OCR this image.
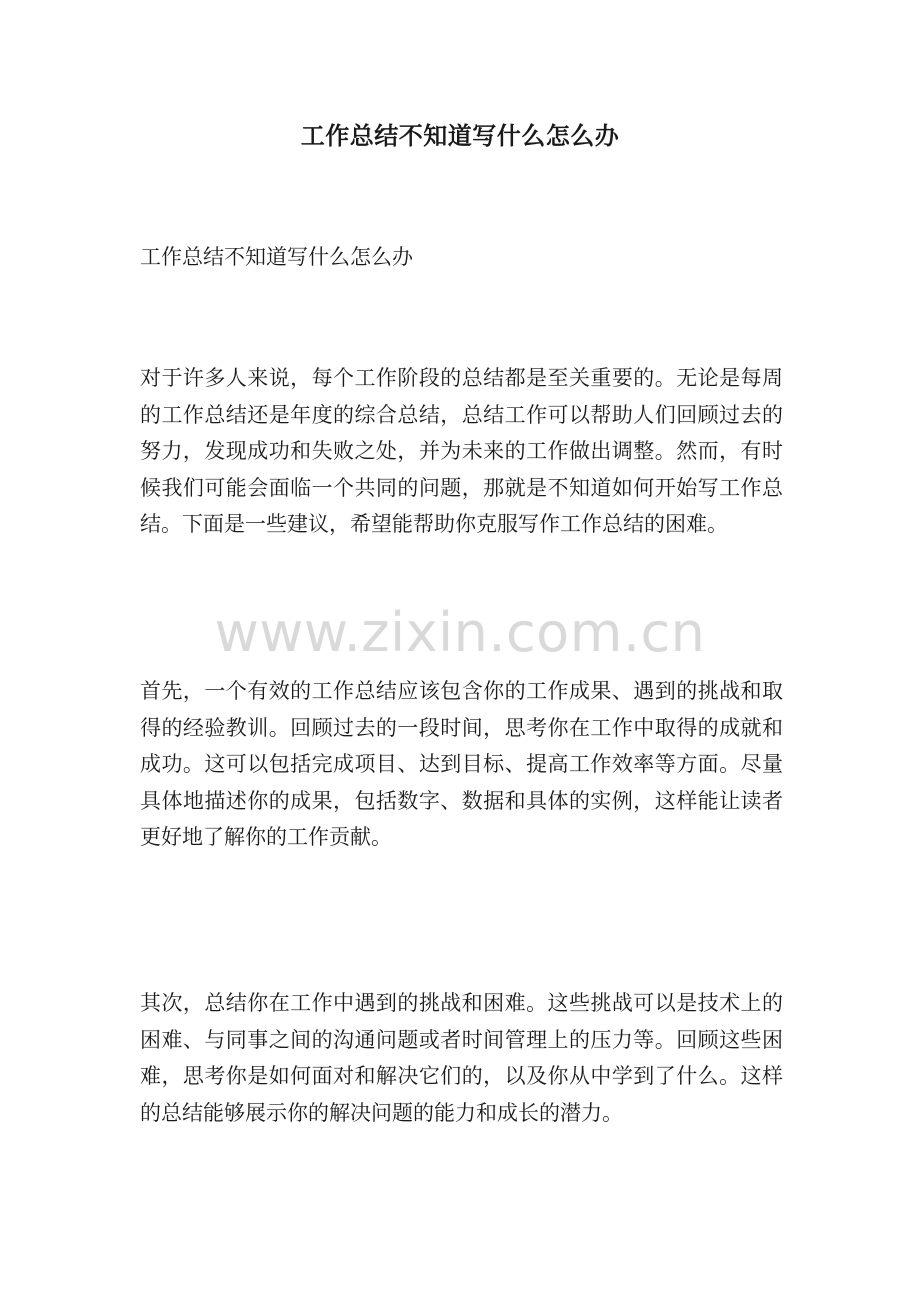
工作总结不知道写什么怎么办
工作总结不知道写什么怎么办

对于许多人来说，每个工作阶段的总结都是至关重要的。无论是每周的工作总结还是年度的综合总结，总结工作可以帮助人们回顾过去的努力，发现成功和失败之处，并为未来的工作做出调整。然而，有时候我们可能会面临一个共同的问题，那就是不知道如何开始写工作总结。下面是一些建议，希望能帮助你克服写作工作总结的困难。

www.zixin.com.cn

首先，一个有效的工作总结应该包含你的工作成果、遇到的挑战和取得的经验教训。回顾过去的一段时间，思考你在工作中取得的成就和成功。这可以包括完成项目、达到目标、提高工作效率等方面。尽量具体地描述你的成果，包括数字、数据和具体的实例，这样能让读者更好地了解你的工作贡献。

其次，总结你在工作中遇到的挑战和困难。这些挑战可以是技术上的困难、与同事之间的沟通问题或者时间管理上的压力等。回顾这些困难，思考你是如何面对和解决它们的，以及你从中学到了什么。这样的总结能够展示你的解决问题的能力和成长的潜力。
